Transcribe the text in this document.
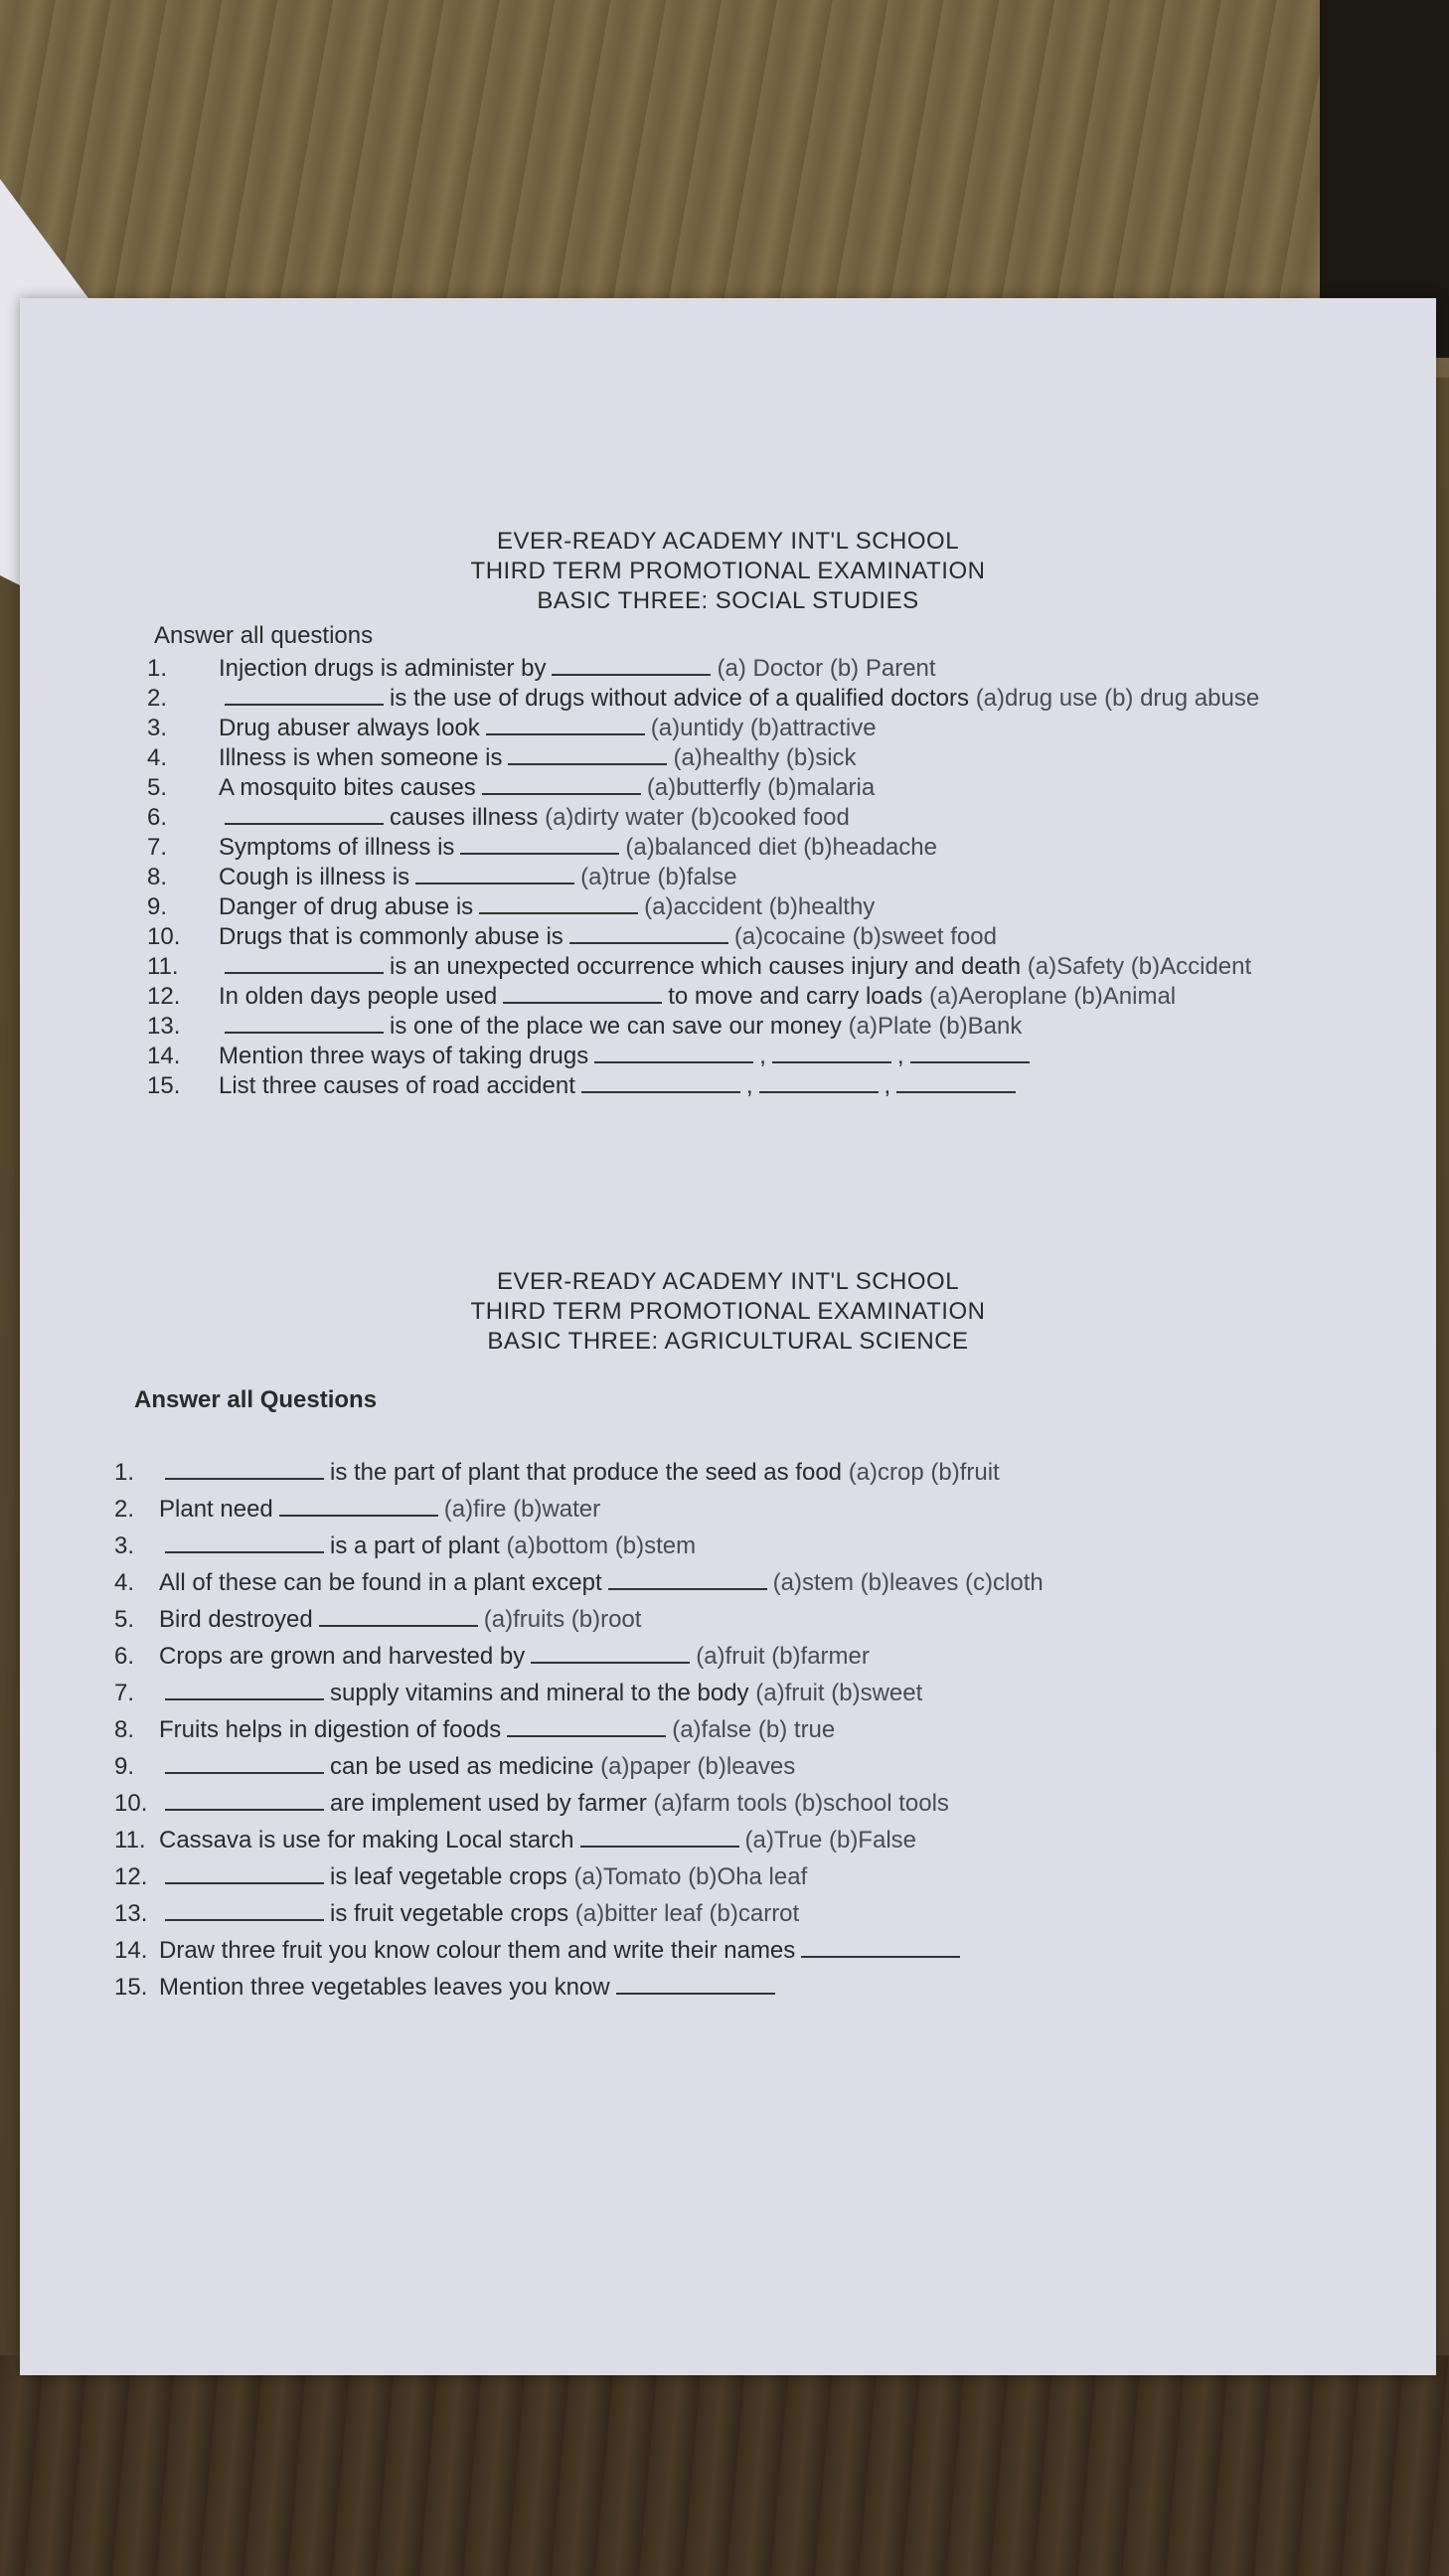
EVER-READY ACADEMY INT'L SCHOOL
THIRD TERM PROMOTIONAL EXAMINATION
BASIC THREE: SOCIAL STUDIES
Answer all questions
1.	Injection drugs is administer by	(a) Doctor (b) Parent
2.	is the use of drugs without advice of a qualified doctors (a)drug use (b) drug abuse
3.	Drug abuser always look	(a)untidy (b)attractive
4.	Illness is when someone is	(a)healthy (b)sick
5.	A mosquito bites causes	(a)butterfly (b)malaria
6.	causes illness (a)dirty water (b)cooked food
7.	Symptoms of illness is	(a)balanced diet (b)headache
8.	Cough is illness is	(a)true (b)false
9.	Danger of drug abuse is	(a)accident (b)healthy
10.	Drugs that is commonly abuse is	(a)cocaine (b)sweet food
11.	is an unexpected occurrence which causes injury and death (a)Safety (b)Accident
12.	In olden days people used	to move and carry loads (a)Aeroplane (b)Animal
13.	is one of the place we can save our money (a)Plate (b)Bank
14.	Mention three ways of taking drugs	,	,
15.	List three causes of road accident	,	,
EVER-READY ACADEMY INT'L SCHOOL
THIRD TERM PROMOTIONAL EXAMINATION
BASIC THREE: AGRICULTURAL SCIENCE
Answer all Questions
1.	is the part of plant that produce the seed as food (a)crop (b)fruit
2.	Plant need	(a)fire (b)water
3.	is a part of plant (a)bottom (b)stem
4.	All of these can be found in a plant except	(a)stem (b)leaves (c)cloth
5.	Bird destroyed	(a)fruits (b)root
6.	Crops are grown and harvested by	(a)fruit (b)farmer
7.	supply vitamins and mineral to the body (a)fruit (b)sweet
8.	Fruits helps in digestion of foods	(a)false (b) true
9.	can be used as medicine (a)paper (b)leaves
10.	are implement used by farmer (a)farm tools (b)school tools
11. Cassava is use for making Local starch	(a)True (b)False
12.	is leaf vegetable crops (a)Tomato (b)Oha leaf
13.	is fruit vegetable crops (a)bitter leaf (b)carrot
14. Draw three fruit you know colour them and write their names
15. Mention three vegetables leaves you know
